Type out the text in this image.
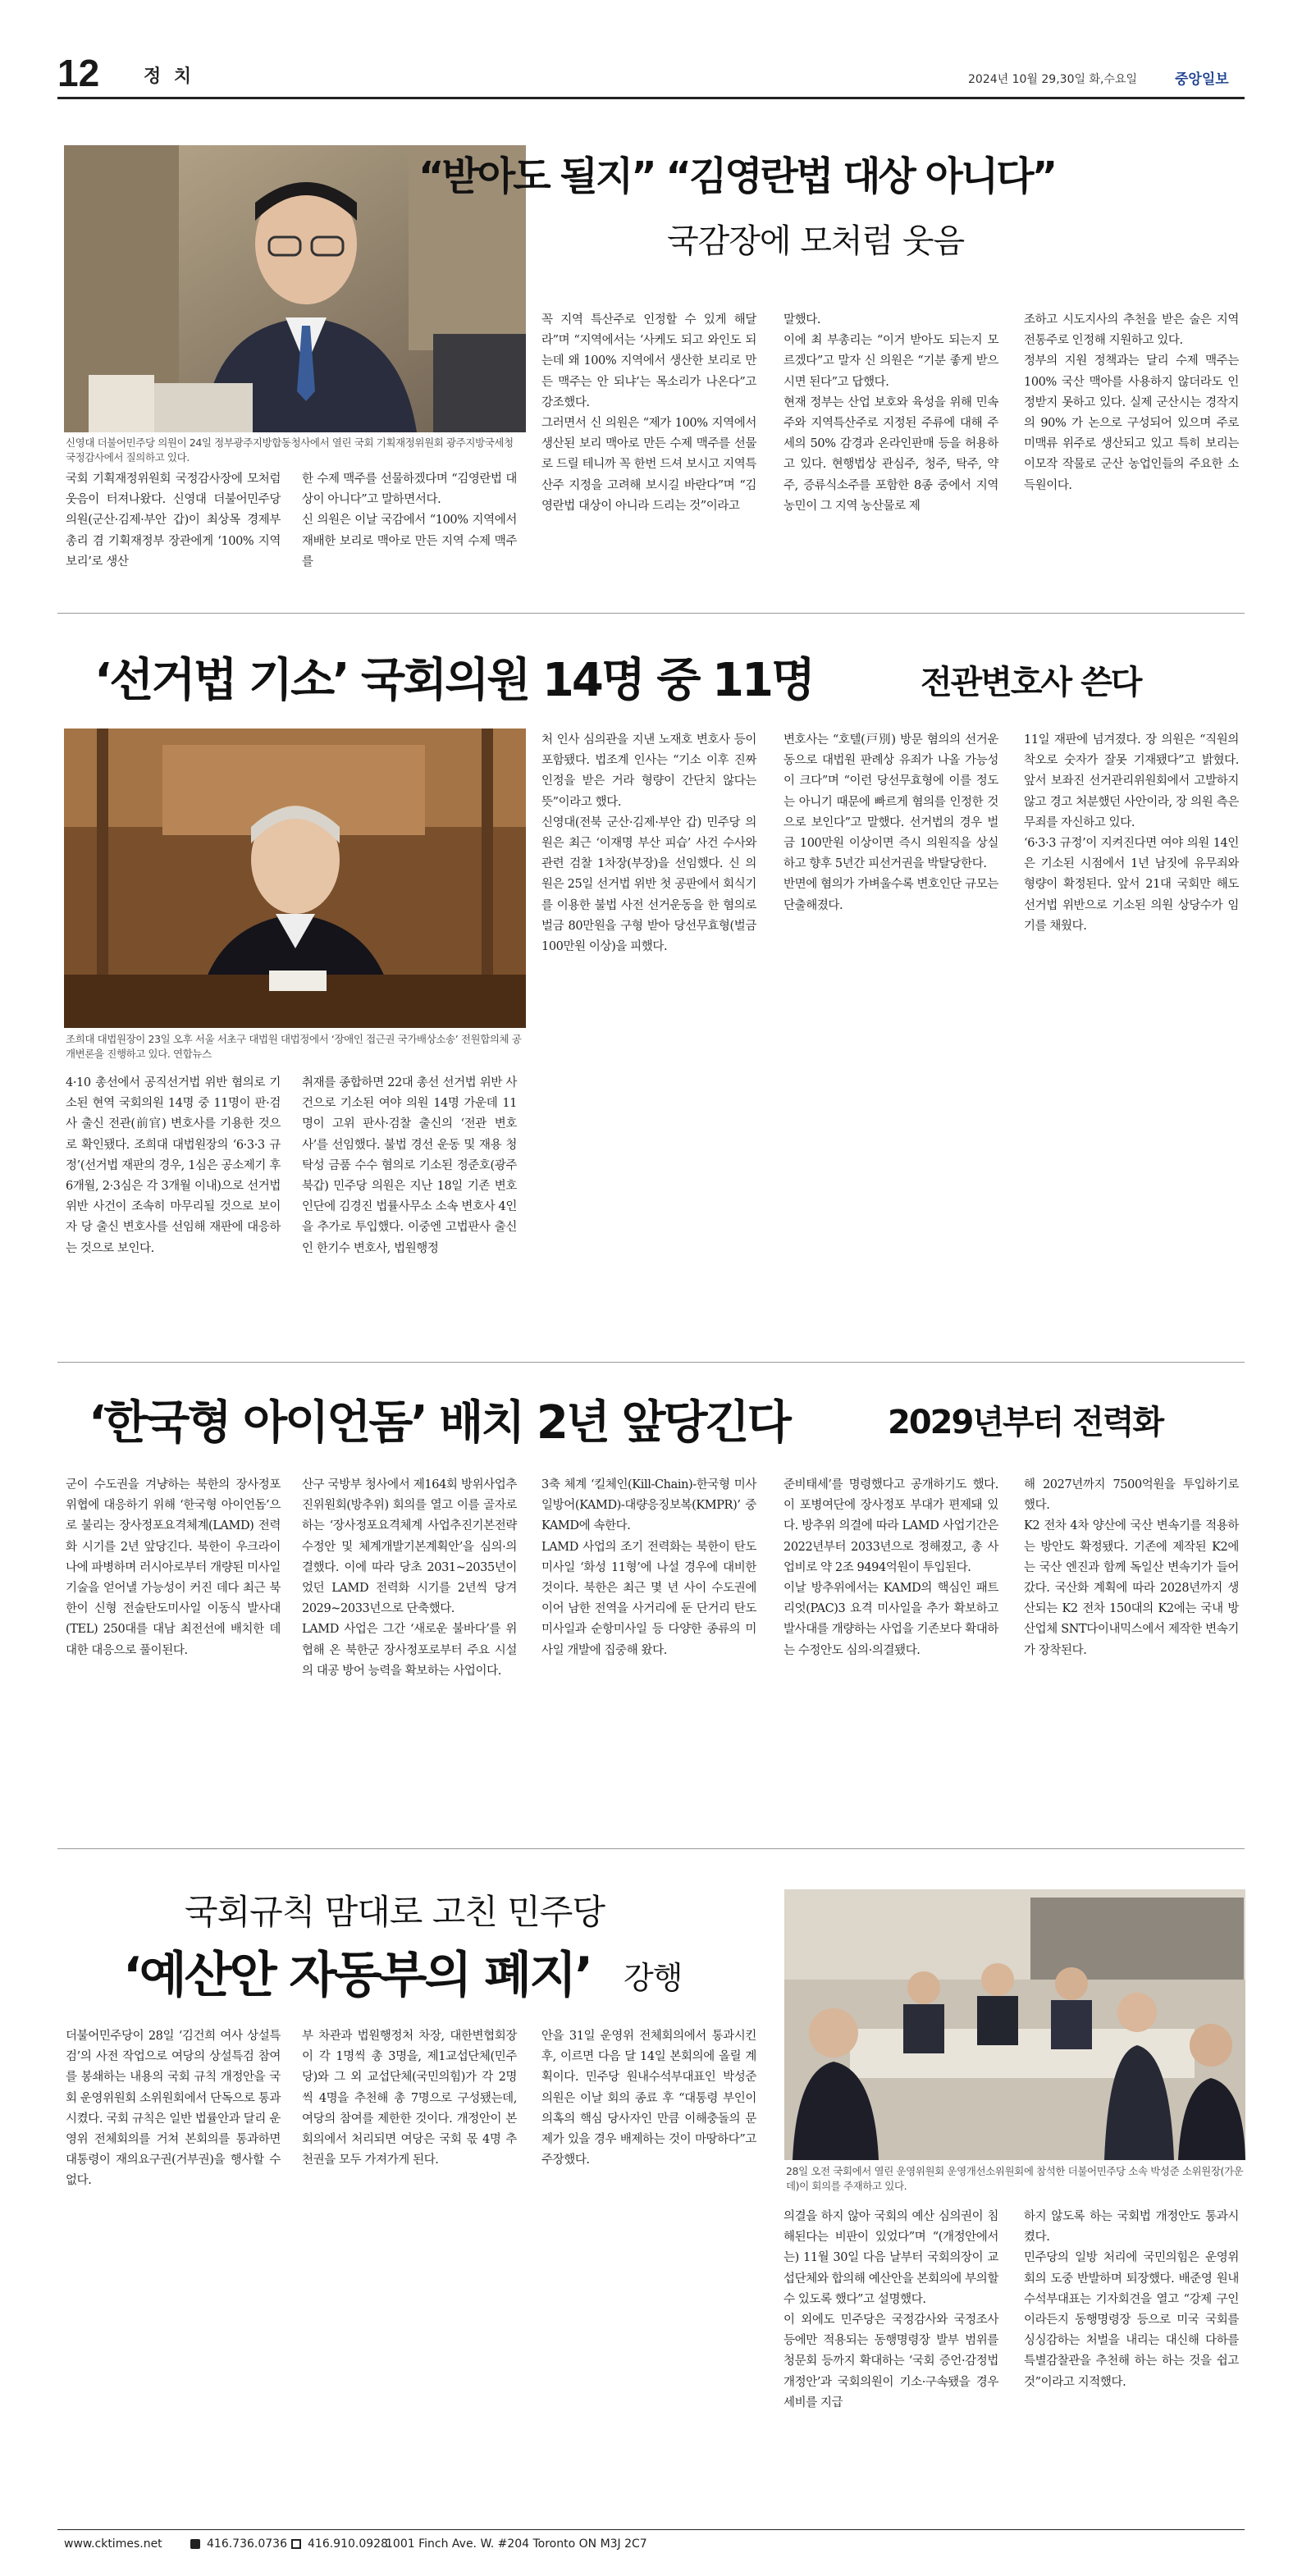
12 정 치	2024년 10월 29,30일 화,수요일	중앙일보
신영대 더불어민주당 의원이 24일 정부광주지방합동청사에서 열린 국회 기획재정위원회 광주지방국세청 국정감사에서 질의하고 있다.
“받아도 될지” “김영란법 대상 아니다”
국감장에 모처럼 웃음
국회 기획재정위원회 국정감사장에 모처럼 웃음이 터져나왔다. 신영대 더불어민주당 의원(군산·김제·부안 갑)이 최상목 경제부총리 겸 기획재정부 장관에게 ‘100% 지역 보리’로 생산
한 수제 맥주를 선물하겠다며 “김영란법 대상이 아니다”고 말하면서다.
신 의원은 이날 국감에서 “100% 지역에서 재배한 보리로 맥아로 만든 지역 수제 맥주를
꼭 지역 특산주로 인정할 수 있게 해달라”며 “지역에서는 ‘사케도 되고 와인도 되는데 왜 100% 지역에서 생산한 보리로 만든 맥주는 안 되냐’는 목소리가 나온다”고 강조했다.
그러면서 신 의원은 “제가 100% 지역에서 생산된 보리 맥아로 만든 수제 맥주를 선물로 드릴 테니까 꼭 한번 드셔 보시고 지역특산주 지정을 고려해 보시길 바란다”며 “김영란법 대상이 아니라 드리는 것”이라고
말했다.
이에 최 부총리는 “이거 받아도 되는지 모르겠다”고 말자 신 의원은 “기분 좋게 받으시면 된다”고 답했다.
현재 정부는 산업 보호와 육성을 위해 민속주와 지역특산주로 지정된 주류에 대해 주세의 50% 감경과 온라인판매 등을 허용하고 있다. 현행법상 관심주, 청주, 탁주, 약주, 증류식소주를 포함한 8종 중에서 지역 농민이 그 지역 농산물로 제
조하고 시도지사의 추천을 받은 술은 지역 전통주로 인정해 지원하고 있다.
정부의 지원 정책과는 달리 수제 맥주는 100% 국산 맥아를 사용하지 않더라도 인정받지 못하고 있다. 실제 군산시는 경작지의 90% 가 논으로 구성되어 있으며 주로 미맥류 위주로 생산되고 있고 특히 보리는 이모작 작물로 군산 농업인들의 주요한 소득원이다.
‘선거법 기소’ 국회의원 14명 중 11명	전관변호사 쓴다
조희대 대법원장이 23일 오후 서울 서초구 대법원 대법정에서 ‘장애인 접근권 국가배상소송’ 전원합의체 공개변론을 진행하고 있다. 연합뉴스
4·10 총선에서 공직선거법 위반 혐의로 기소된 현역 국회의원 14명 중 11명이 판·검사 출신 전관(前官) 변호사를 기용한 것으로 확인됐다. 조희대 대법원장의 ‘6·3·3 규정’(선거법 재판의 경우, 1심은 공소제기 후 6개월, 2·3심은 각 3개월 이내)으로 선거법 위반 사건이 조속히 마무리될 것으로 보이자 당 출신 변호사를 선임해 재판에 대응하는 것으로 보인다.
취재를 종합하면 22대 총선 선거법 위반 사건으로 기소된 여야 의원 14명 가운데 11명이 고위 판사·검찰 출신의 ‘전관 변호사’를 선임했다. 불법 경선 운동 및 재용 청탁성 금품 수수 혐의로 기소된 정준호(광주 북갑) 민주당 의원은 지난 18일 기존 변호인단에 김경진 법률사무소 소속 변호사 4인을 추가로 투입했다. 이중엔 고법판사 출신인 한기수 변호사, 법원행정
처 인사 심의관을 지낸 노재호 변호사 등이 포함됐다. 법조계 인사는 “기소 이후 진짜 인정을 받은 거라 형량이 간단치 않다는 뜻”이라고 했다.
신영대(전북 군산·김제·부안 갑) 민주당 의원은 최근 ‘이재명 부산 피습’ 사건 수사와 관련 검찰 1차장(부장)을 선임했다. 신 의원은 25일 선거법 위반 첫 공판에서 회식기를 이용한 불법 사전 선거운동을 한 혐의로 벌금 80만원을 구형 받아 당선무효형(벌금 100만원 이상)을 피했다.
변호사는 “호텔(戸別) 방문 혐의의 선거운동으로 대법원 판례상 유죄가 나올 가능성이 크다”며 “이런 당선무효형에 이를 정도는 아니기 때문에 빠르게 혐의를 인정한 것으로 보인다”고 말했다. 선거법의 경우 벌금 100만원 이상이면 즉시 의원직을 상실하고 향후 5년간 피선거권을 박탈당한다.
반면에 혐의가 가벼울수록 변호인단 규모는 단출해졌다.
11일 재판에 넘겨졌다. 장 의원은 “직원의 착오로 숫자가 잘못 기재됐다”고 밝혔다. 앞서 보좌진 선거관리위원회에서 고발하지 않고 경고 처분했던 사안이라, 장 의원 측은 무죄를 자신하고 있다.
‘6·3·3 규정’이 지켜진다면 여야 의원 14인은 기소된 시점에서 1년 남짓에 유무죄와 형량이 확정된다. 앞서 21대 국회만 해도 선거법 위반으로 기소된 의원 상당수가 임기를 채웠다.
‘한국형 아이언돔’ 배치 2년 앞당긴다	2029년부터 전력화
군이 수도권을 겨냥하는 북한의 장사정포 위협에 대응하기 위해 ‘한국형 아이언돔’으로 불리는 장사정포요격체계(LAMD) 전력화 시기를 2년 앞당긴다. 북한이 우크라이나에 파병하며 러시아로부터 개량된 미사일 기술을 얻어낼 가능성이 커진 데다 최근 북한이 신형 전술탄도미사일 이동식 발사대(TEL) 250대를 대남 최전선에 배치한 데 대한 대응으로 풀이된다.
산구 국방부 청사에서 제164회 방위사업추진위원회(방추위) 회의를 열고 이를 골자로 하는 ‘장사정포요격체계 사업추진기본전략 수정안 및 체계개발기본계획안’을 심의·의결했다. 이에 따라 당초 2031~2035년이었던 LAMD 전력화 시기를 2년씩 당겨 2029~2033년으로 단축했다.
LAMD 사업은 그간 ‘새로운 불바다’를 위협해 온 북한군 장사정포로부터 주요 시설의 대공 방어 능력을 확보하는 사업이다.
3축 체계 ‘킬체인(Kill-Chain)-한국형 미사일방어(KAMD)-대량응징보복(KMPR)’ 중 KAMD에 속한다.
LAMD 사업의 조기 전력화는 북한이 탄도미사일 ‘화성 11형’에 나설 경우에 대비한 것이다. 북한은 최근 몇 년 사이 수도권에 이어 남한 전역을 사거리에 둔 단거리 탄도미사일과 순항미사일 등 다양한 종류의 미사일 개발에 집중해 왔다.
준비태세’를 명령했다고 공개하기도 했다. 이 포병여단에 장사정포 부대가 편제돼 있다. 방추위 의결에 따라 LAMD 사업기간은 2022년부터 2033년으로 정해졌고, 총 사업비로 약 2조 9494억원이 투입된다.
이날 방추위에서는 KAMD의 핵심인 패트리엇(PAC)3 요격 미사일을 추가 확보하고 발사대를 개량하는 사업을 기존보다 확대하는 수정안도 심의·의결됐다.
해 2027년까지 7500억원을 투입하기로 했다.
K2 전차 4차 양산에 국산 변속기를 적용하는 방안도 확정됐다. 기존에 제작된 K2에는 국산 엔진과 함께 독일산 변속기가 들어갔다. 국산화 계획에 따라 2028년까지 생산되는 K2 전차 150대의 K2에는 국내 방산업체 SNT다이내믹스에서 제작한 변속기가 장착된다.
국회규칙 맘대로 고친 민주당
‘예산안 자동부의 폐지’ 강행
28일 오전 국회에서 열린 운영위원회 운영개선소위원회에 참석한 더불어민주당 소속 박성준 소위원장(가운데)이 회의를 주재하고 있다.
더불어민주당이 28일 ‘김건희 여사 상설특검’의 사전 작업으로 여당의 상설특검 참여를 봉쇄하는 내용의 국회 규칙 개정안을 국회 운영위원회 소위원회에서 단독으로 통과시켰다. 국회 규칙은 일반 법률안과 달리 운영위 전체회의를 거쳐 본회의를 통과하면 대통령이 재의요구권(거부권)을 행사할 수 없다.
부 차관과 법원행정처 차장, 대한변협회장이 각 1명씩 총 3명을, 제1교섭단체(민주당)와 그 외 교섭단체(국민의힘)가 각 2명씩 4명을 추천해 총 7명으로 구성됐는데, 여당의 참여를 제한한 것이다. 개정안이 본회의에서 처리되면 여당은 국회 몫 4명 추천권을 모두 가져가게 된다.
안을 31일 운영위 전체회의에서 통과시킨 후, 이르면 다음 달 14일 본회의에 올릴 계획이다. 민주당 원내수석부대표인 박성준 의원은 이날 회의 종료 후 “대통령 부인이 의혹의 핵심 당사자인 만큼 이해충돌의 문제가 있을 경우 배제하는 것이 마땅하다”고 주장했다.
의결을 하지 않아 국회의 예산 심의권이 침해된다는 비판이 있었다”며 “(개정안에서는) 11월 30일 다음 날부터 국회의장이 교섭단체와 합의해 예산안을 본회의에 부의할 수 있도록 했다”고 설명했다.
이 외에도 민주당은 국정감사와 국정조사 등에만 적용되는 동행명령장 발부 범위를 청문회 등까지 확대하는 ‘국회 증언·감정법 개정안’과 국회의원이 기소·구속됐을 경우 세비를 지급
하지 않도록 하는 국회법 개정안도 통과시켰다.
민주당의 일방 처리에 국민의힘은 운영위 회의 도중 반발하며 퇴장했다. 배준영 원내수석부대표는 기자회견을 열고 “강제 구인이라든지 동행명령장 등으로 미국 국회를 싱싱감하는 처벌을 내리는 대신해 다하를 특별감찰관을 추천해 하는 하는 것을 쉽고 것”이라고 지적했다.
www.cktimes.net	416.736.0736 416.910.0928
1001 Finch Ave. W. #204 Toronto ON M3J 2C7
